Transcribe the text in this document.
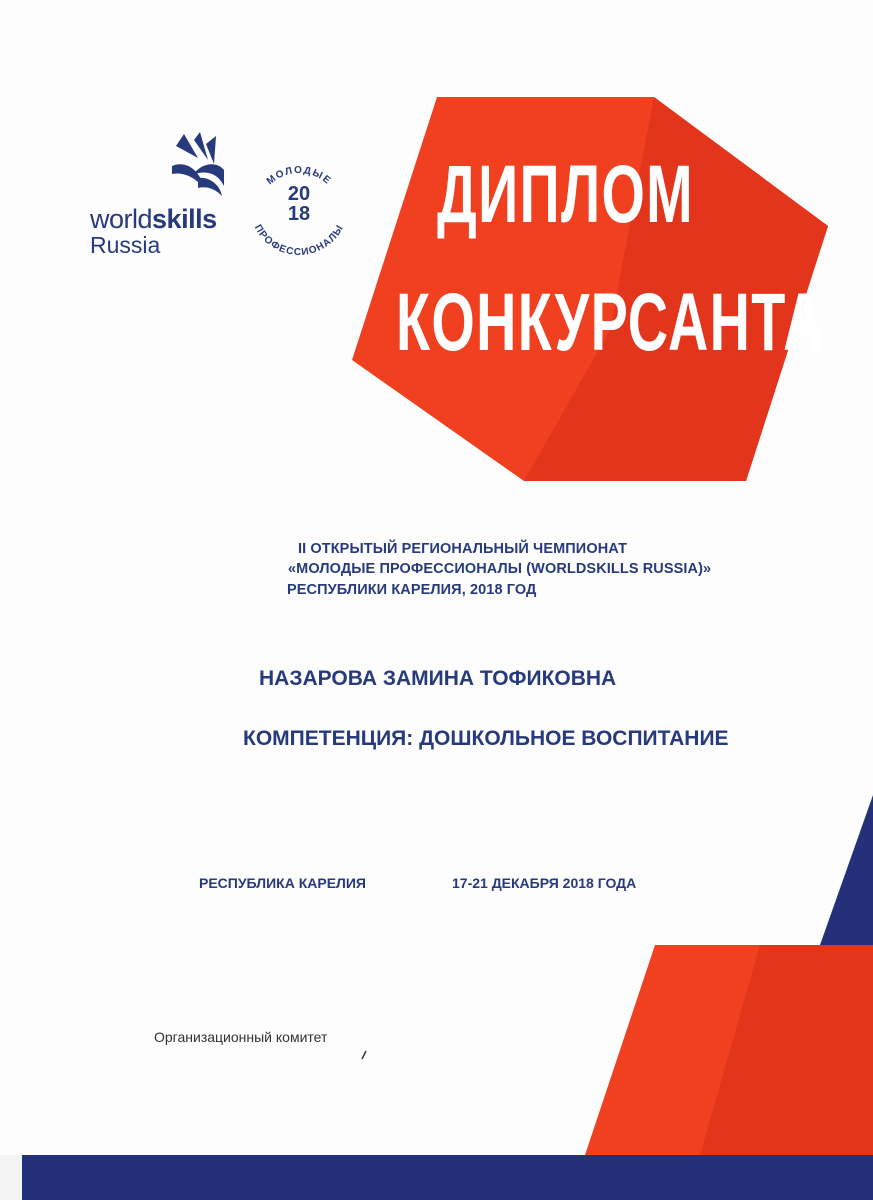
worldskills
Russia
МОЛОДЫЕ
ПРОФЕССИОНАЛЫ
20
18 ДИПЛОМ
КОНКУРСАНТА
II ОТКРЫТЫЙ РЕГИОНАЛЬНЫЙ ЧЕМПИОНАТ
«МОЛОДЫЕ ПРОФЕССИОНАЛЫ (WORLDSKILLS RUSSIA)»
РЕСПУБЛИКИ КАРЕЛИЯ, 2018 ГОД
НАЗАРОВА ЗАМИНА ТОФИКОВНА
КОМПЕТЕНЦИЯ: ДОШКОЛЬНОЕ ВОСПИТАНИЕ
РЕСПУБЛИКА КАРЕЛИЯ	17-21 ДЕКАБРЯ 2018 ГОДА
Организационный комитет
